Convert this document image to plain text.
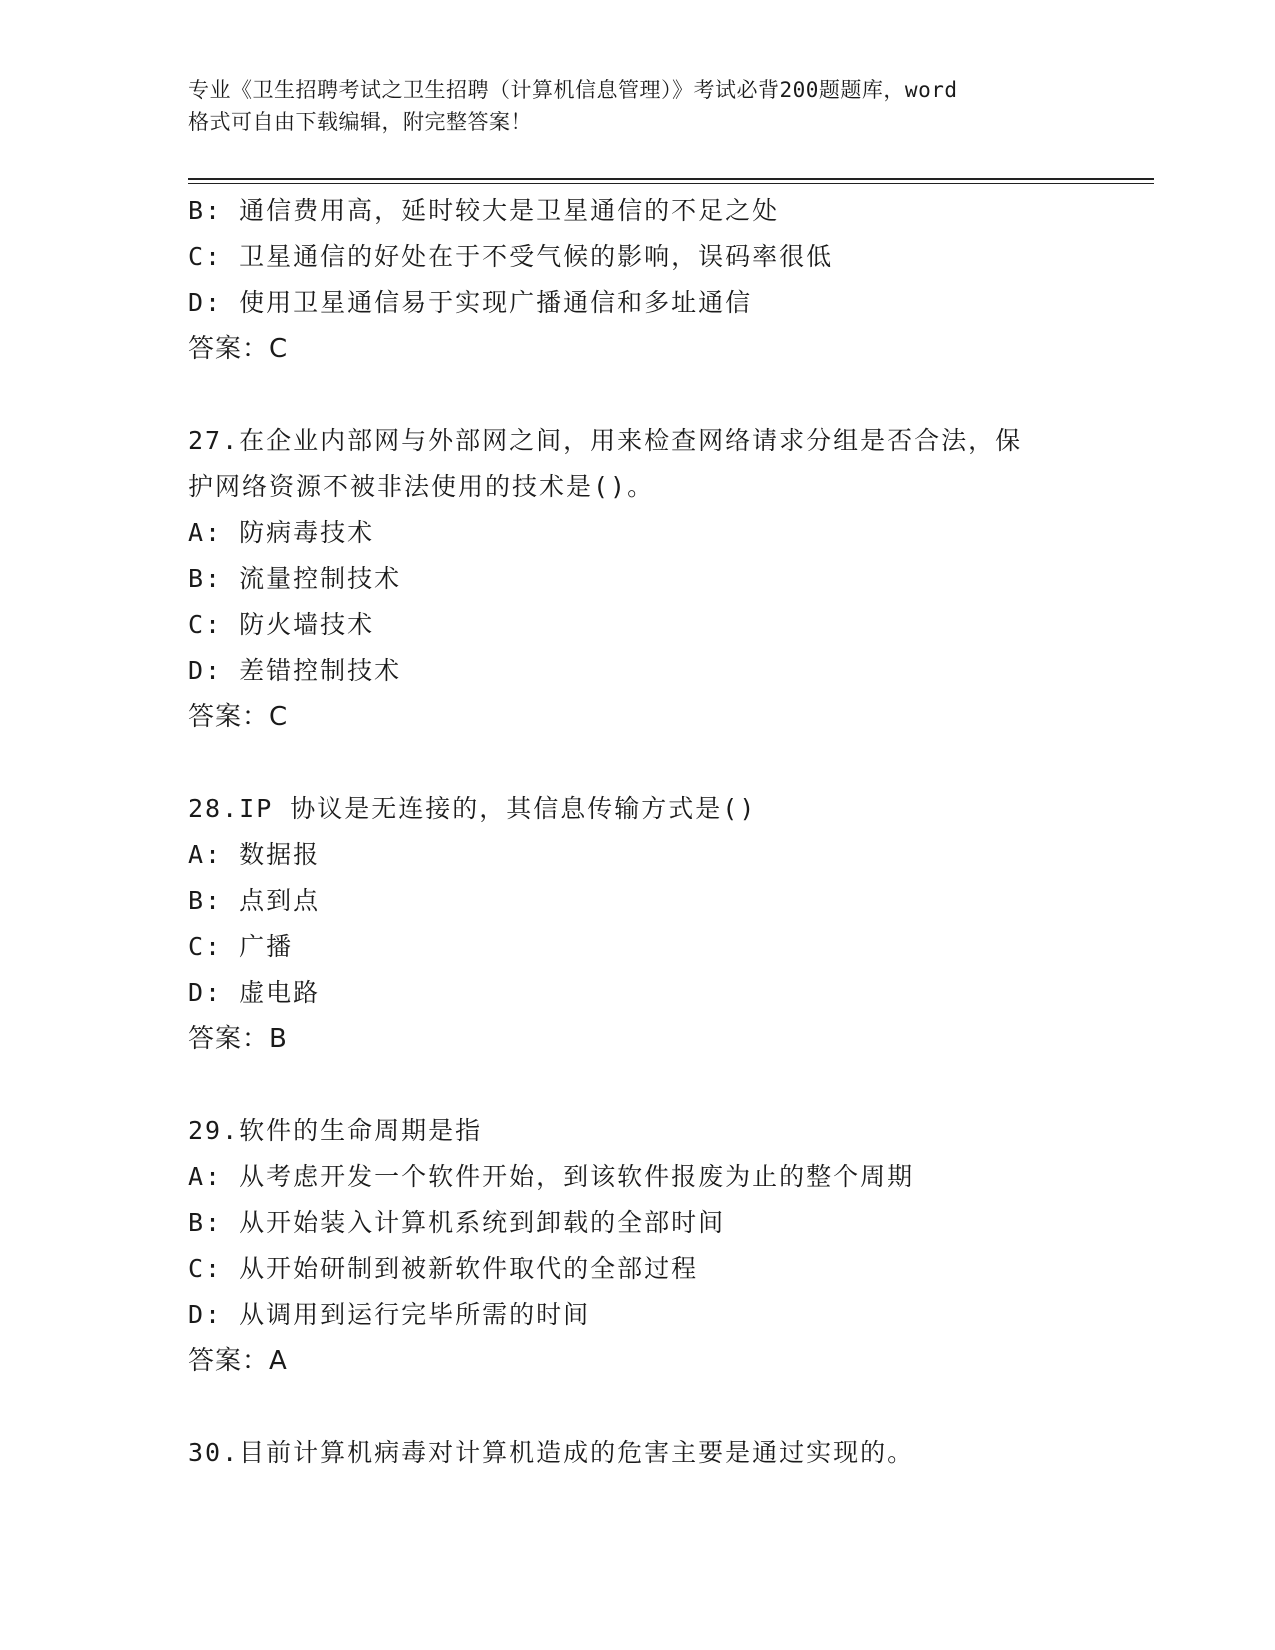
专业《卫生招聘考试之卫生招聘（计算机信息管理）》考试必背200题题库，word
格式可自由下载编辑，附完整答案！
B: 通信费用高，延时较大是卫星通信的不足之处
C: 卫星通信的好处在于不受气候的影响，误码率很低
D: 使用卫星通信易于实现广播通信和多址通信
答案：C
27.在企业内部网与外部网之间，用来检查网络请求分组是否合法，保
护网络资源不被非法使用的技术是()。
A: 防病毒技术
B: 流量控制技术
C: 防火墙技术
D: 差错控制技术
答案：C
28.IP 协议是无连接的，其信息传输方式是()
A: 数据报
B: 点到点
C: 广播
D: 虚电路
答案：B
29.软件的生命周期是指
A: 从考虑开发一个软件开始，到该软件报废为止的整个周期
B: 从开始装入计算机系统到卸载的全部时间
C: 从开始研制到被新软件取代的全部过程
D: 从调用到运行完毕所需的时间
答案：A
30.目前计算机病毒对计算机造成的危害主要是通过实现的。
